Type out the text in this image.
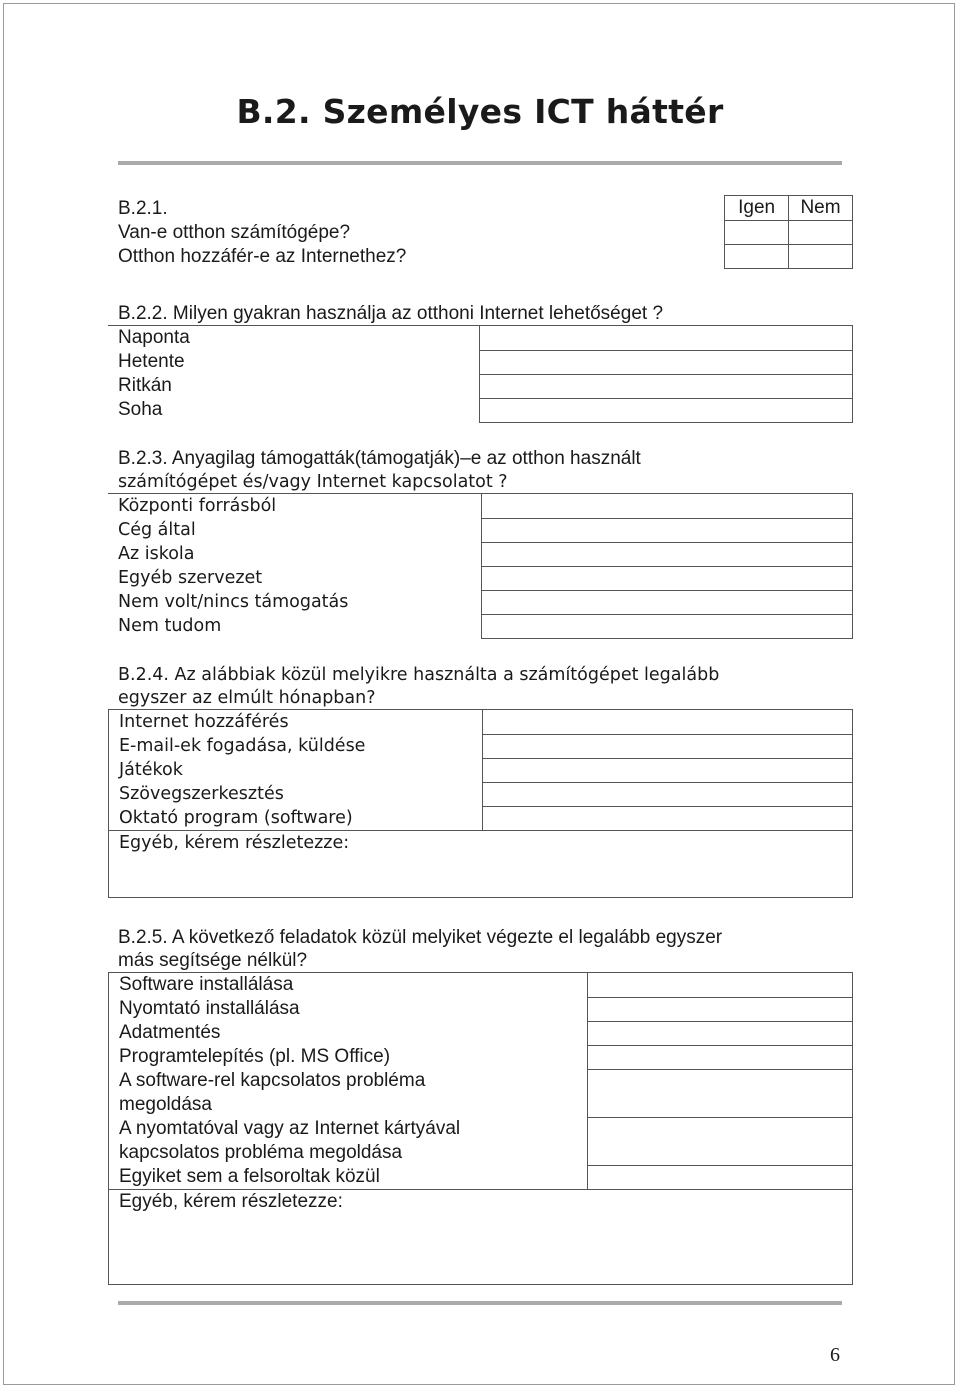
B.2. Személyes ICT háttér
B.2.1.

	Igen	Nem

Van-e otthon számítógépe?		

Otthon hozzáfér-e az Internethez?		

B.2.2. Milyen gyakran használja az otthoni Internet lehetőséget ?
Naponta	

Hetente	

Ritkán	

Soha	

B.2.3. Anyagilag támogatták(támogatják)–e az otthon használt
számítógépet és/vagy Internet kapcsolatot ?
Központi forrásból	

Cég által	

Az iskola	

Egyéb szervezet	

Nem volt/nincs támogatás	

Nem tudom	

B.2.4. Az alábbiak közül melyikre használta a számítógépet legalább
egyszer az elmúlt hónapban?
Internet hozzáférés	

E-mail-ek fogadása, küldése	

Játékok	

Szövegszerkesztés	

Oktató program (software)	

Egyéb, kérem részletezze:	
B.2.5. A következő feladatok közül melyiket végezte el legalább egyszer
más segítsége nélkül?
Software installálása	

Nyomtató installálása	

Adatmentés	

Programtelepítés (pl. MS Office)	

A software-rel kapcsolatos probléma
megoldása	

A nyomtatóval vagy az Internet kártyával
kapcsolatos probléma megoldása	

Egyiket sem a felsoroltak közül	

Egyéb, kérem részletezze:	
6
